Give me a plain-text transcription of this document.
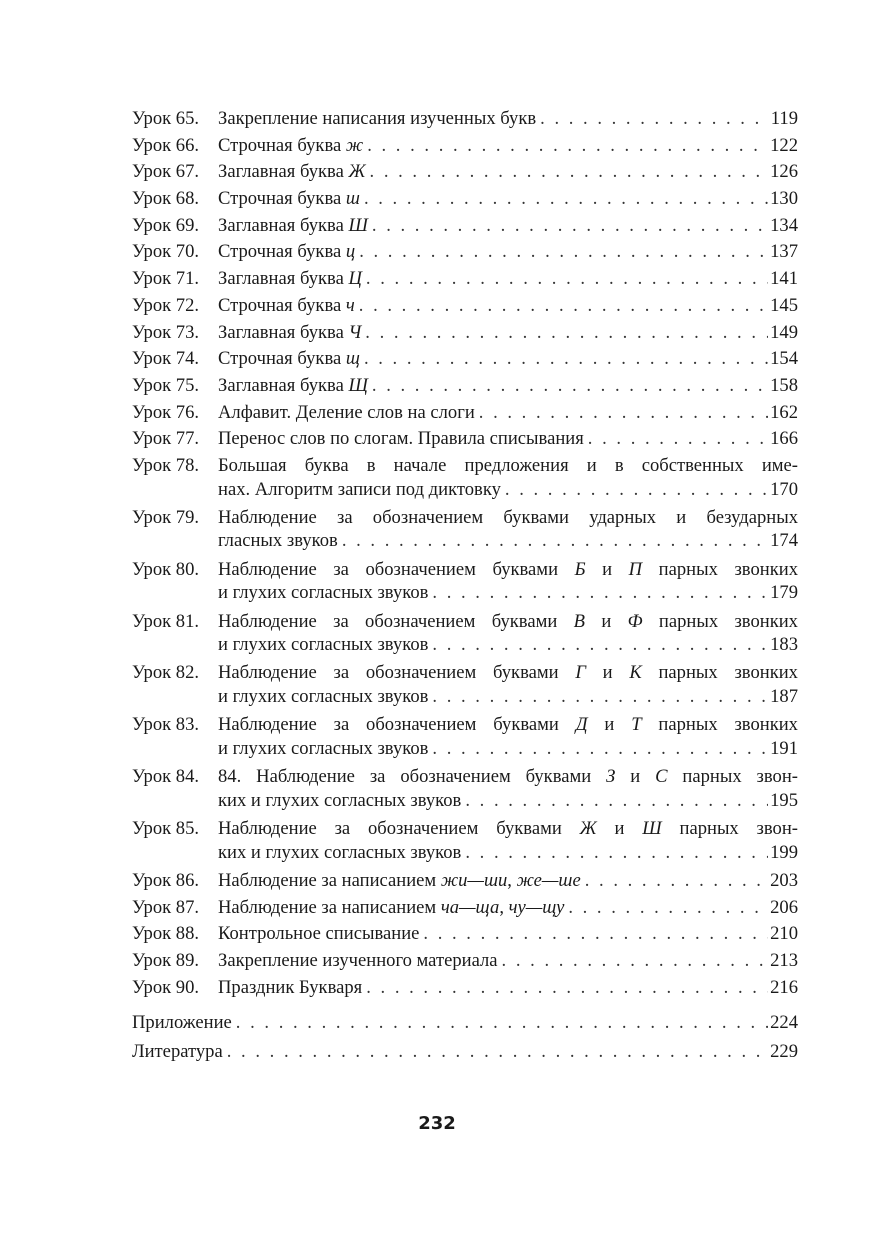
Урок 65.	Закрепление написания изученных букв . . .	119
Урок 66.	Строчная буква ж . . .	122
Урок 67.	Заглавная буква Ж . . .	126
Урок 68.	Строчная буква ш . . .	130
Урок 69.	Заглавная буква Ш . . .	134
Урок 70.	Строчная буква ц . . .	137
Урок 71.	Заглавная буква Ц . . .	141
Урок 72.	Строчная буква ч . . .	145
Урок 73.	Заглавная буква Ч . . .	149
Урок 74.	Строчная буква щ . . .	154
Урок 75.	Заглавная буква Щ . . .	158
Урок 76.	Алфавит. Деление слов на слоги . . .	162
Урок 77.	Перенос слов по слогам. Правила списывания . . .	166
Урок 78.	Большая буква в начале предложения и в собственных име-
нах. Алгоритм записи под диктовку . . .	170
Урок 79.	Наблюдение за обозначением буквами ударных и безударных
гласных звуков . . .	174
Урок 80.	Наблюдение за обозначением буквами Б и П парных звонких
и глухих согласных звуков . . .	179
Урок 81.	Наблюдение за обозначением буквами В и Ф парных звонких
и глухих согласных звуков . . .	183
Урок 82.	Наблюдение за обозначением буквами Г и К парных звонких
и глухих согласных звуков . . .	187
Урок 83.	Наблюдение за обозначением буквами Д и Т парных звонких
и глухих согласных звуков . . .	191
Урок 84.	84. Наблюдение за обозначением буквами З и С парных звон-
ких и глухих согласных звуков . . .	195
Урок 85.	Наблюдение за обозначением буквами Ж и Ш парных звон-
ких и глухих согласных звуков . . .	199
Урок 86.	Наблюдение за написанием жи—ши, же—ше . . .	203
Урок 87.	Наблюдение за написанием ча—ща, чу—щу . . .	206
Урок 88.	Контрольное списывание . . .	210
Урок 89.	Закрепление изученного материала . . .	213
Урок 90.	Праздник Букваря . . .	216
Приложение . . .	224
Литература . . .	229
232
